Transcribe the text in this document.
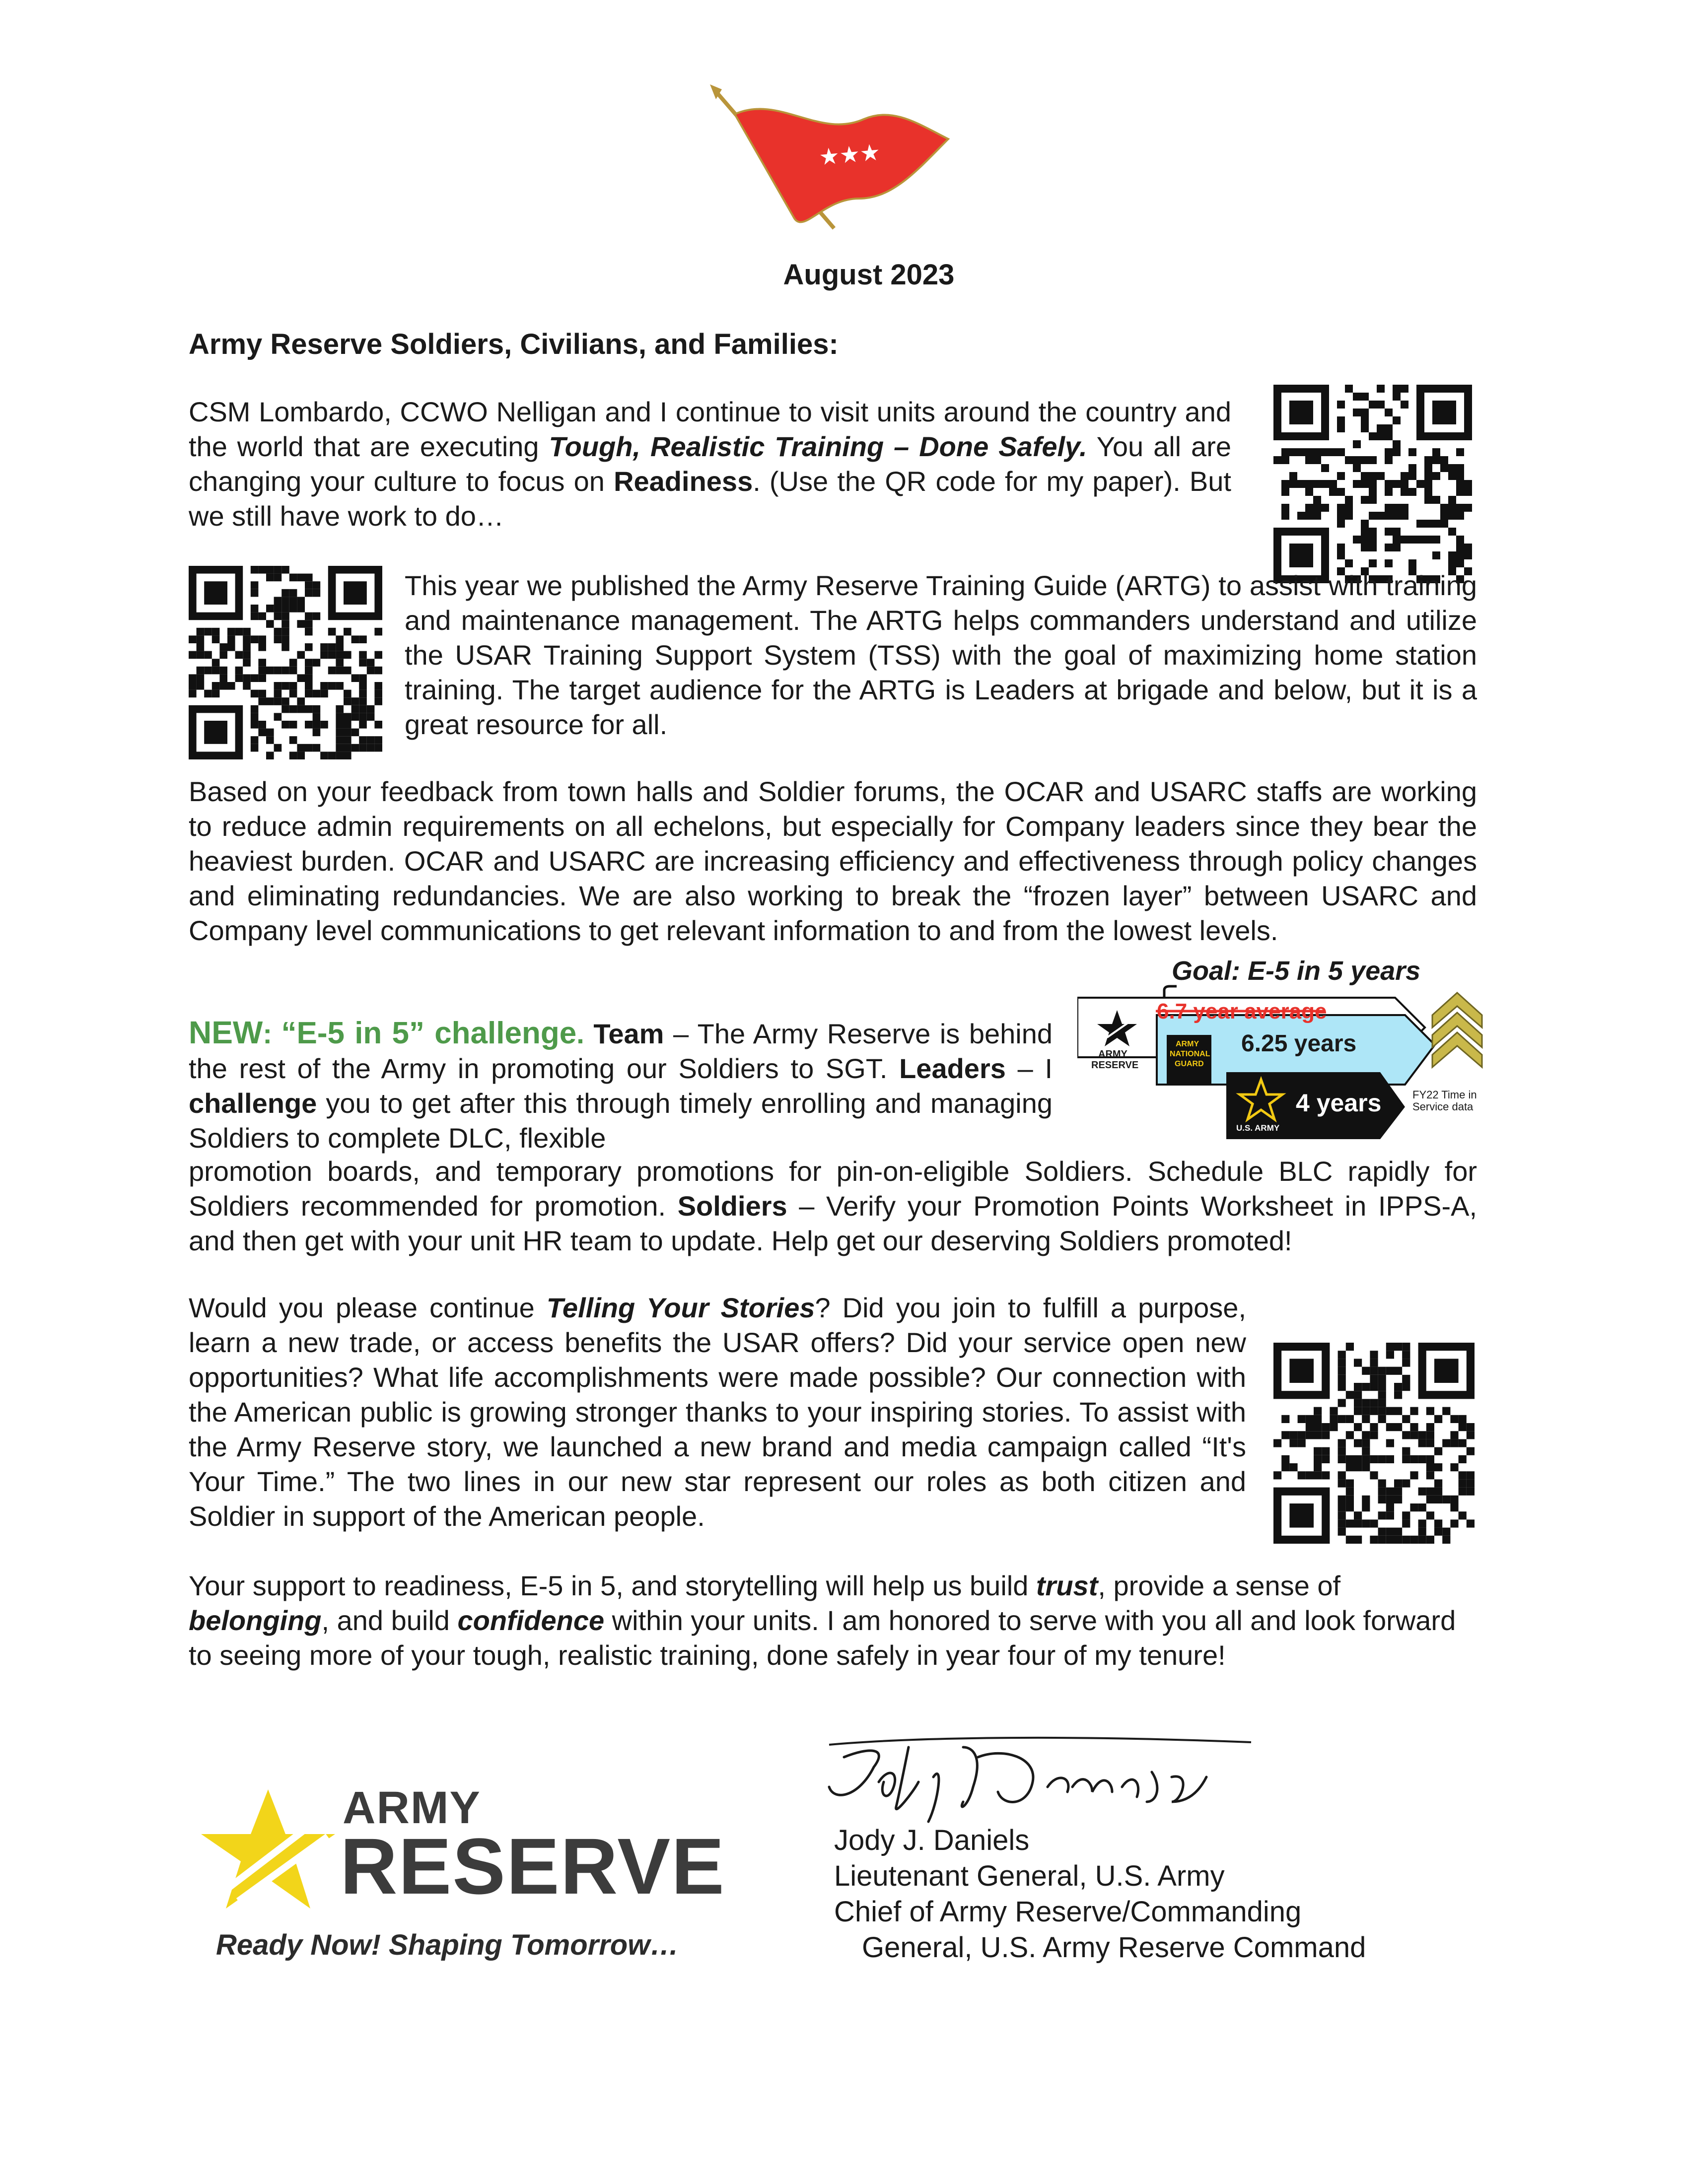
★★★
August 2023
Army Reserve Soldiers, Civilians, and Families:
CSM Lombardo, CCWO Nelligan and I continue to visit units around the country and the world that are executing Tough, Realistic Training – Done Safely. You all are changing your culture to focus on Readiness. (Use the QR code for my paper). But we still have work to do…
This year we published the Army Reserve Training Guide (ARTG) to assist with training and maintenance management. The ARTG helps commanders understand and utilize the USAR Training Support System (TSS) with the goal of maximizing home station training. The target audience for the ARTG is Leaders at brigade and below, but it is a great resource for all.
Based on your feedback from town halls and Soldier forums, the OCAR and USARC staffs are working to reduce admin requirements on all echelons, but especially for Company leaders since they bear the heaviest burden. OCAR and USARC are increasing efficiency and effectiveness through policy changes and eliminating redundancies. We are also working to break the “frozen layer” between USARC and Company level communications to get relevant information to and from the lowest levels.
NEW: “E-5 in 5” challenge. Team – The Army Reserve is behind the rest of the Army in promoting our Soldiers to SGT. Leaders – I challenge you to get after this through timely enrolling and managing Soldiers to complete DLC, flexible
promotion boards, and temporary promotions for pin-on-eligible Soldiers. Schedule BLC rapidly for Soldiers recommended for promotion. Soldiers – Verify your Promotion Points Worksheet in IPPS-A, and then get with your unit HR team to update. Help get our deserving Soldiers promoted!
Goal: E-5 in 5 years
6.7 year average
ARMY
RESERVE
6.25 years
ARMY
NATIONAL
GUARD
4 years
U.S. ARMY
FY22 Time in
Service data
Would you please continue Telling Your Stories? Did you join to fulfill a purpose, learn a new trade, or access benefits the USAR offers? Did your service open new opportunities? What life accomplishments were made possible? Our connection with the American public is growing stronger thanks to your inspiring stories. To assist with the Army Reserve story, we launched a new brand and media campaign called “It's Your Time.” The two lines in our new star represent our roles as both citizen and Soldier in support of the American people.
Your support to readiness, E-5 in 5, and storytelling will help us build trust, provide a sense of belonging, and build confidence within your units. I am honored to serve with you all and look forward to seeing more of your tough, realistic training, done safely in year four of my tenure!
ARMY
RESERVE
Ready Now! Shaping Tomorrow…
Jody J. Daniels
Lieutenant General, U.S. Army
Chief of Army Reserve/Commanding
General, U.S. Army Reserve Command
